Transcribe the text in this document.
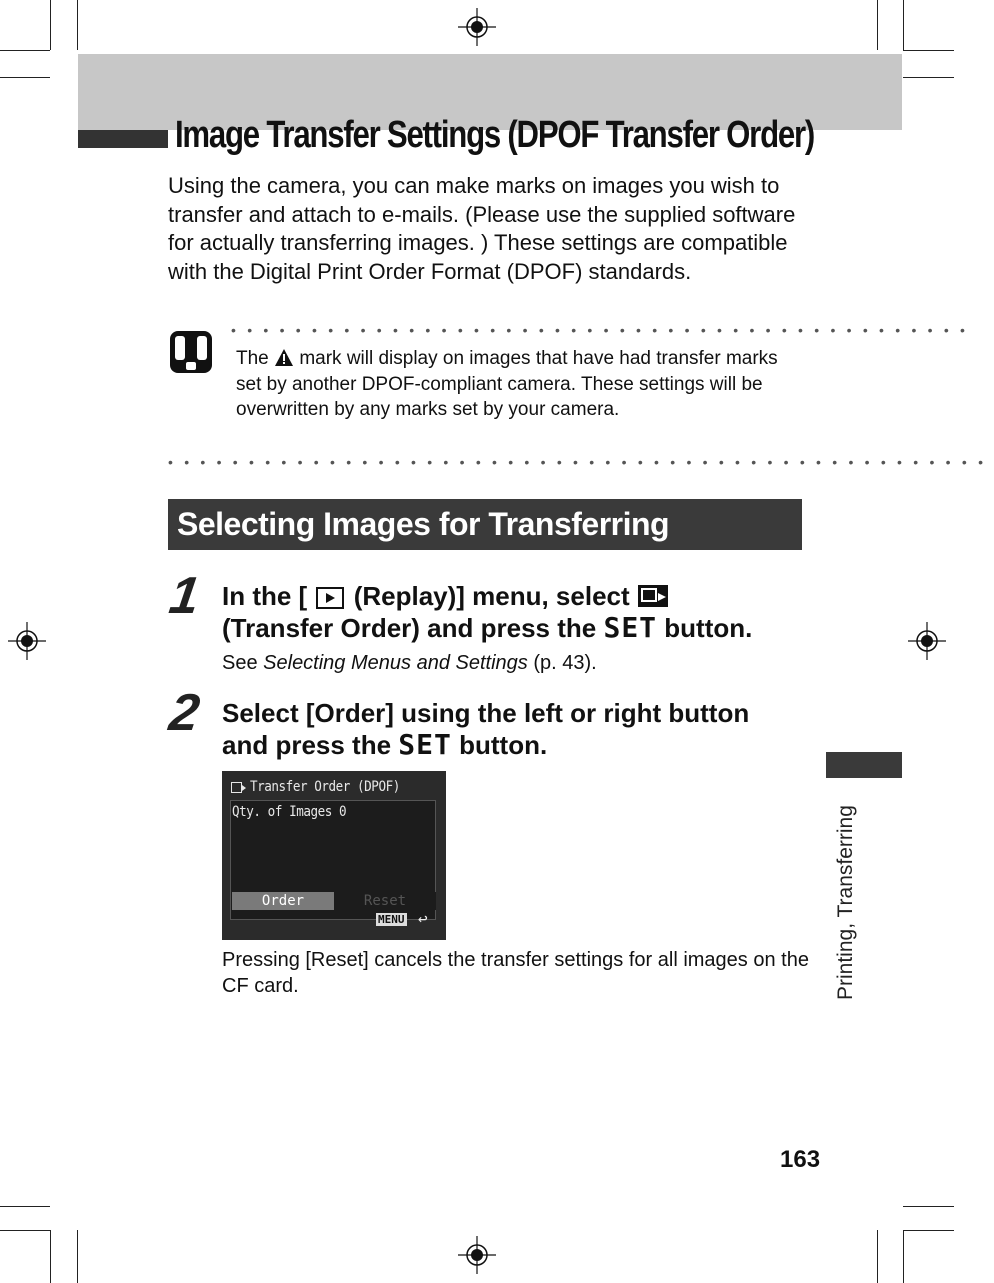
Image Transfer Settings (DPOF Transfer Order)
Using the camera, you can make marks on images you wish to transfer and attach to e-mails. (Please use the supplied software for actually transferring images. ) These settings are compatible with the Digital Print Order Format (DPOF) standards.
••••••••••••••••••••••••••••••••••••••••••••••
The mark will display on images that have had transfer marks set by another DPOF-compliant camera. These settings will be overwritten by any marks set by your camera.
•••••••••••••••••••••••••••••••••••••••••••••••••••
Selecting Images for Transferring
1 In the [ (Replay)] menu, select
(Transfer Order) and press the SET button.
See Selecting Menus and Settings (p. 43).
2 Select [Order] using the left or right button
and press the SET button.
Transfer Order (DPOF)
Qty. of Images 0
Order	Reset
MENU ↩
Pressing [Reset] cancels the transfer settings for all images on the CF card.	Printing, Transferring
163
